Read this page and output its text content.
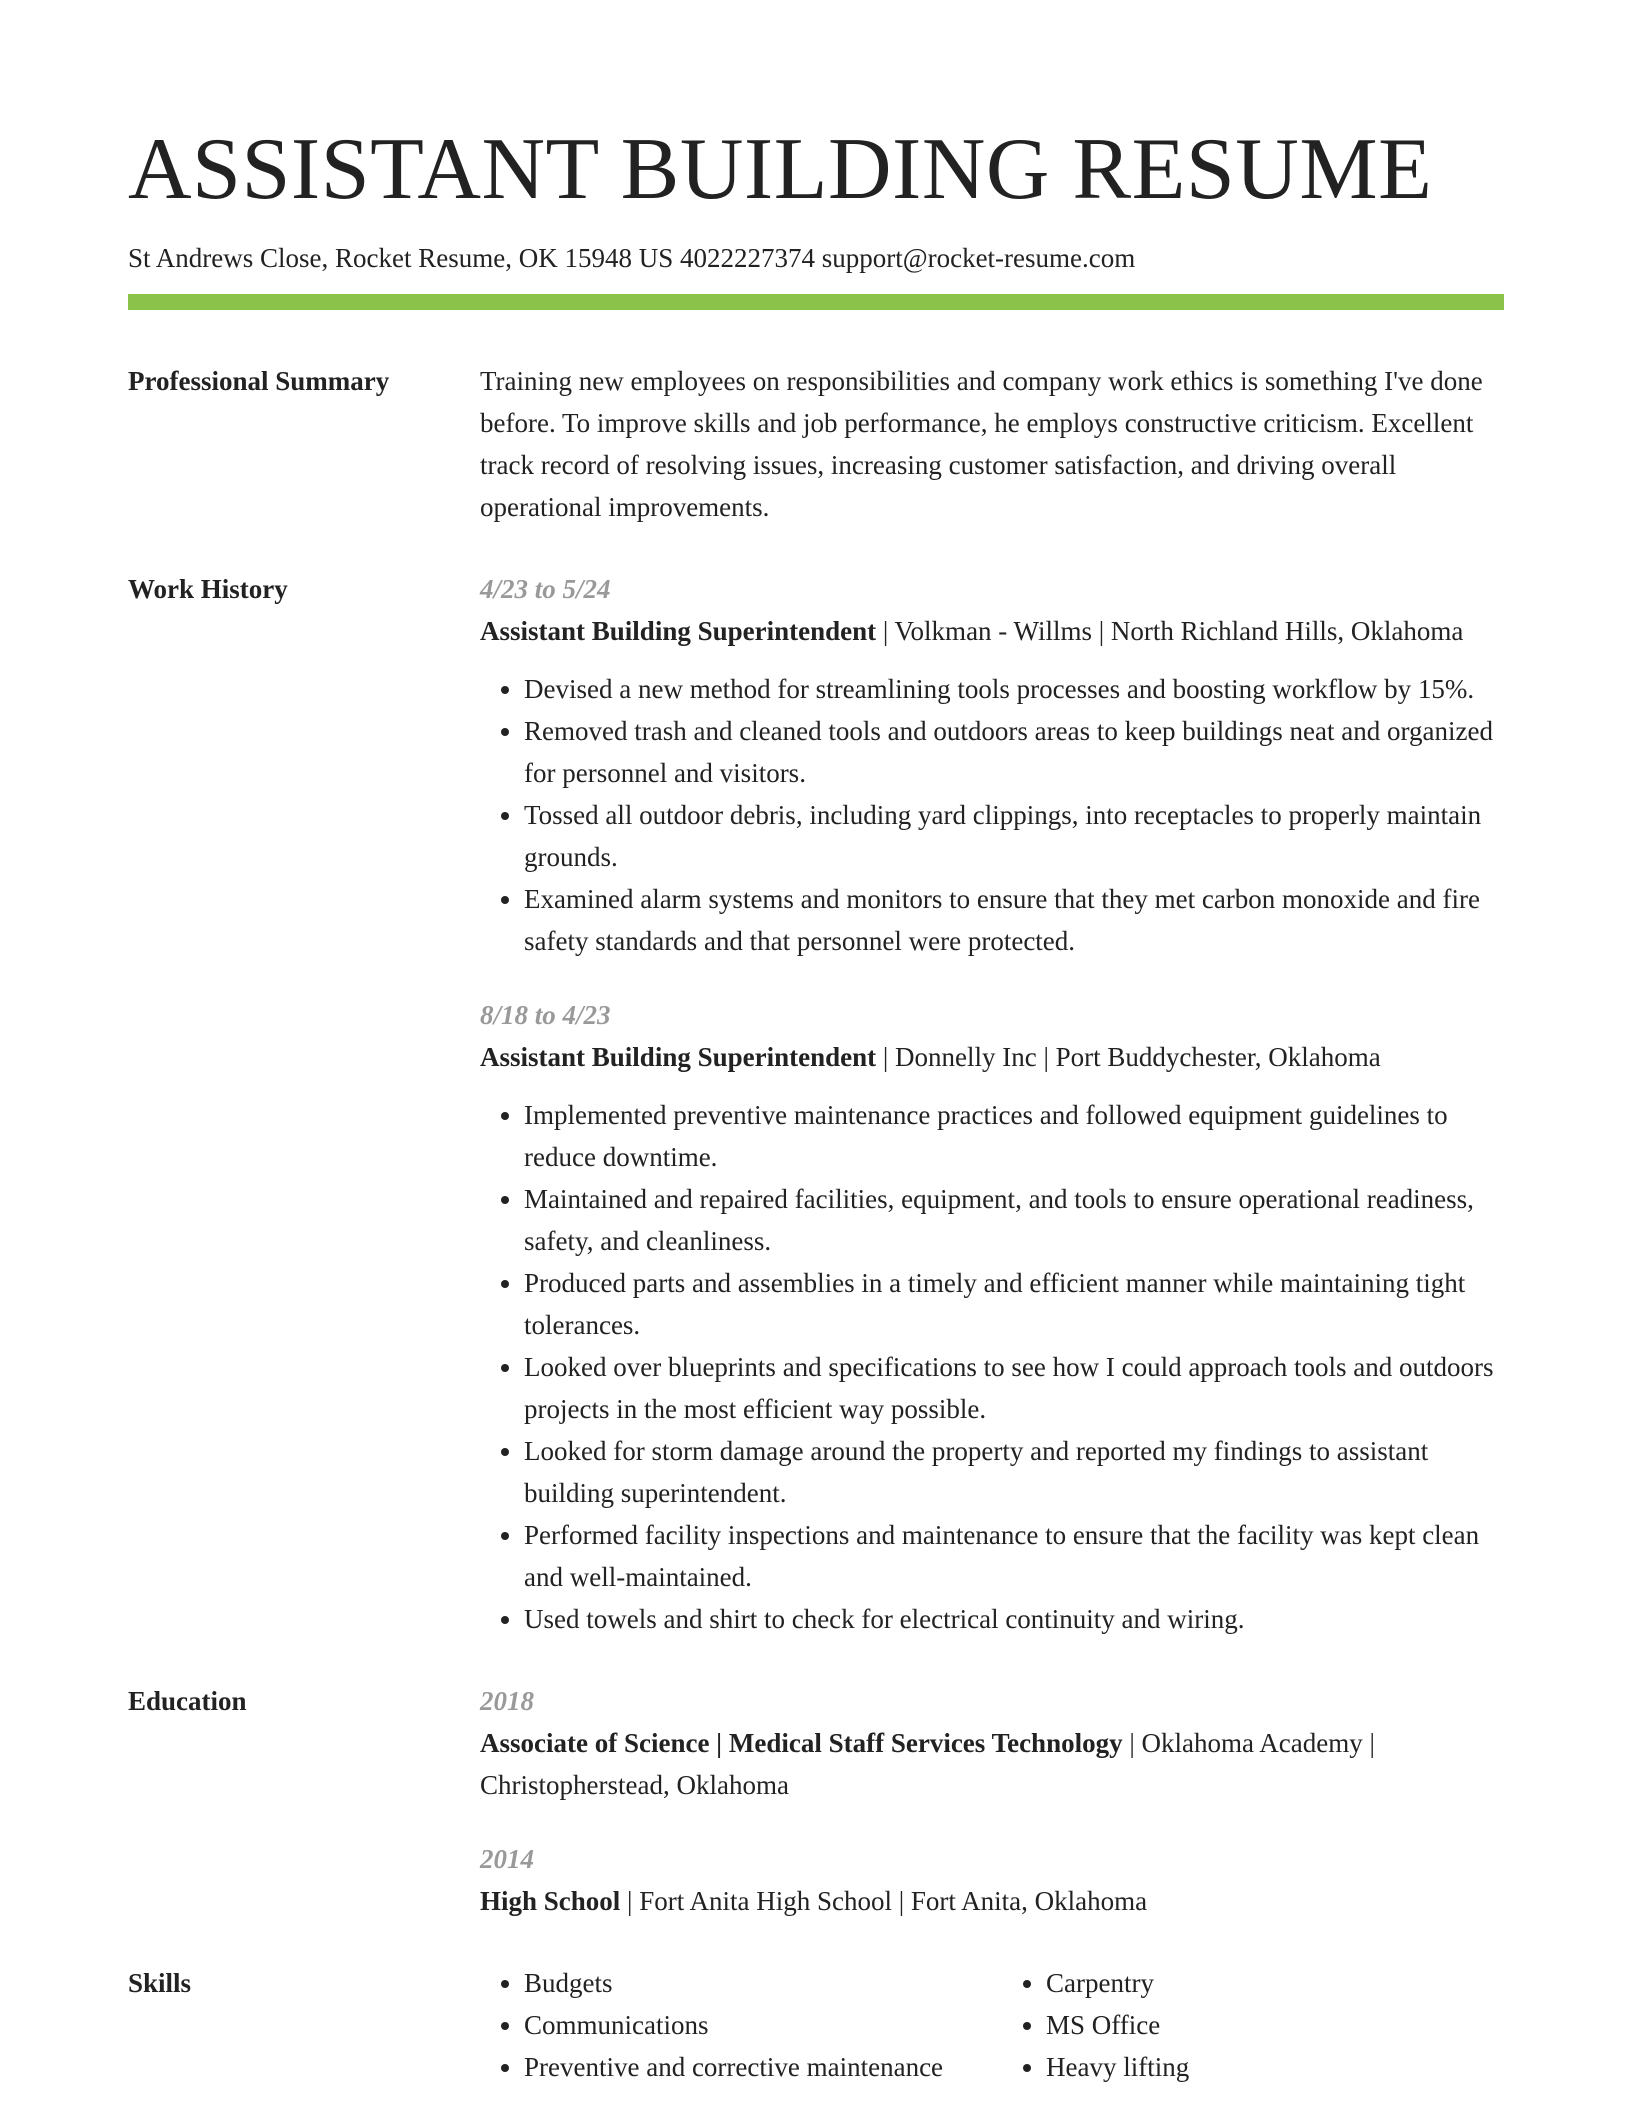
ASSISTANT BUILDING RESUME
St Andrews Close, Rocket Resume, OK 15948 US 4022227374 support@rocket-resume.com
Professional Summary	Training new employees on responsibilities and company work ethics is something I've done before. To improve skills and job performance, he employs constructive criticism. Excellent track record of resolving issues, increasing customer satisfaction, and driving overall operational improvements.

Work History	4/23 to 5/24
Assistant Building Superintendent | Volkman - Willms | North Richland Hills, Oklahoma
• Devised a new method for streamlining tools processes and boosting workflow by 15%.
• Removed trash and cleaned tools and outdoors areas to keep buildings neat and organized for personnel and visitors.
• Tossed all outdoor debris, including yard clippings, into receptacles to properly maintain grounds.
• Examined alarm systems and monitors to ensure that they met carbon monoxide and fire safety standards and that personnel were protected.
8/18 to 4/23
Assistant Building Superintendent | Donnelly Inc | Port Buddychester, Oklahoma
• Implemented preventive maintenance practices and followed equipment guidelines to reduce downtime.
• Maintained and repaired facilities, equipment, and tools to ensure operational readiness, safety, and cleanliness.
• Produced parts and assemblies in a timely and efficient manner while maintaining tight tolerances.
• Looked over blueprints and specifications to see how I could approach tools and outdoors projects in the most efficient way possible.
• Looked for storm damage around the property and reported my findings to assistant building superintendent.
• Performed facility inspections and maintenance to ensure that the facility was kept clean and well-maintained.
• Used towels and shirt to check for electrical continuity and wiring.
Education	2018
Associate of Science | Medical Staff Services Technology | Oklahoma Academy | Christopherstead, Oklahoma
2014
High School | Fort Anita High School | Fort Anita, Oklahoma
Skills
•	Budgets
• Communications
• Preventive and corrective maintenance
• Carpentry
• MS Office
• Heavy lifting
